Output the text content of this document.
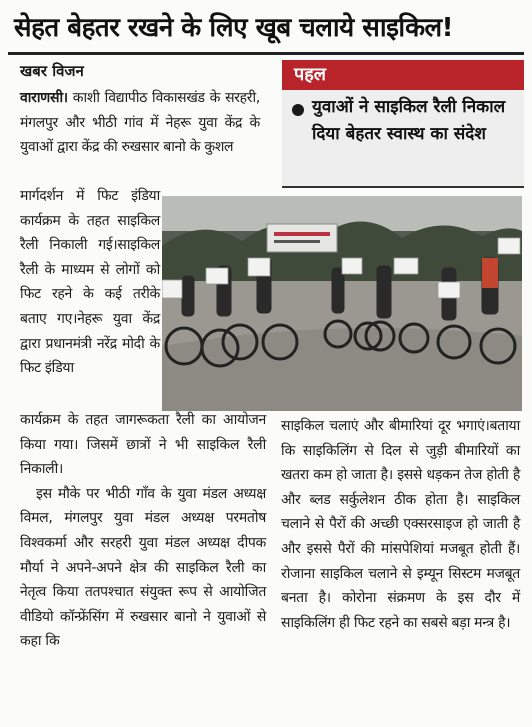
सेहत बेहतर रखने के लिए खूब चलाये साइकिल!
खबर विजन
वाराणसी। काशी विद्यापीठ विकासखंड के सरहरी, मंगलपुर और भीठी गांव में नेहरू युवा केंद्र के युवाओं द्वारा केंद्र की रुखसार बानो के कुशल
मार्गदर्शन में फिट इंडिया कार्यक्रम के तहत साइकिल रैली निकाली गई।साइकिल रैली के माध्यम से लोगों को फिट रहने के कई तरीके बताए गए।नेहरू युवा केंद्र द्वारा प्रधानमंत्री नरेंद्र मोदी के फिट इंडिया
कार्यक्रम के तहत जागरूकता रैली का आयोजन किया गया। जिसमें छात्रों ने भी साइकिल रैली निकाली।
इस मौके पर भीठी गाँव के युवा मंडल अध्यक्ष विमल, मंगलपुर युवा मंडल अध्यक्ष परमतोष विश्वकर्मा और सरहरी युवा मंडल अध्यक्ष दीपक मौर्या ने अपने-अपने क्षेत्र की साइकिल रैली का नेतृत्व किया ततपश्चात संयुक्त रूप से आयोजित वीडियो कॉन्फ्रेंसिंग में रुखसार बानो ने युवाओं से कहा कि
पहल
युवाओं ने साइकिल रैली निकाल दिया बेहतर स्वास्थ का संदेश
साइकिल चलाएं और बीमारियां दूर भगाएं।बताया कि साइकिलिंग से दिल से जुड़ी बीमारियों का खतरा कम हो जाता है। इससे धड़कन तेज होती है और ब्लड सर्कुलेशन ठीक होता है। साइकिल चलाने से पैरों की अच्छी एक्सरसाइज हो जाती है और इससे पैरों की मांसपेशियां मजबूत होती हैं। रोजाना साइकिल चलाने से इम्यून सिस्टम मजबूत बनता है। कोरोना संक्रमण के इस दौर में साइकिलिंग ही फिट रहने का सबसे बड़ा मन्त्र है।
